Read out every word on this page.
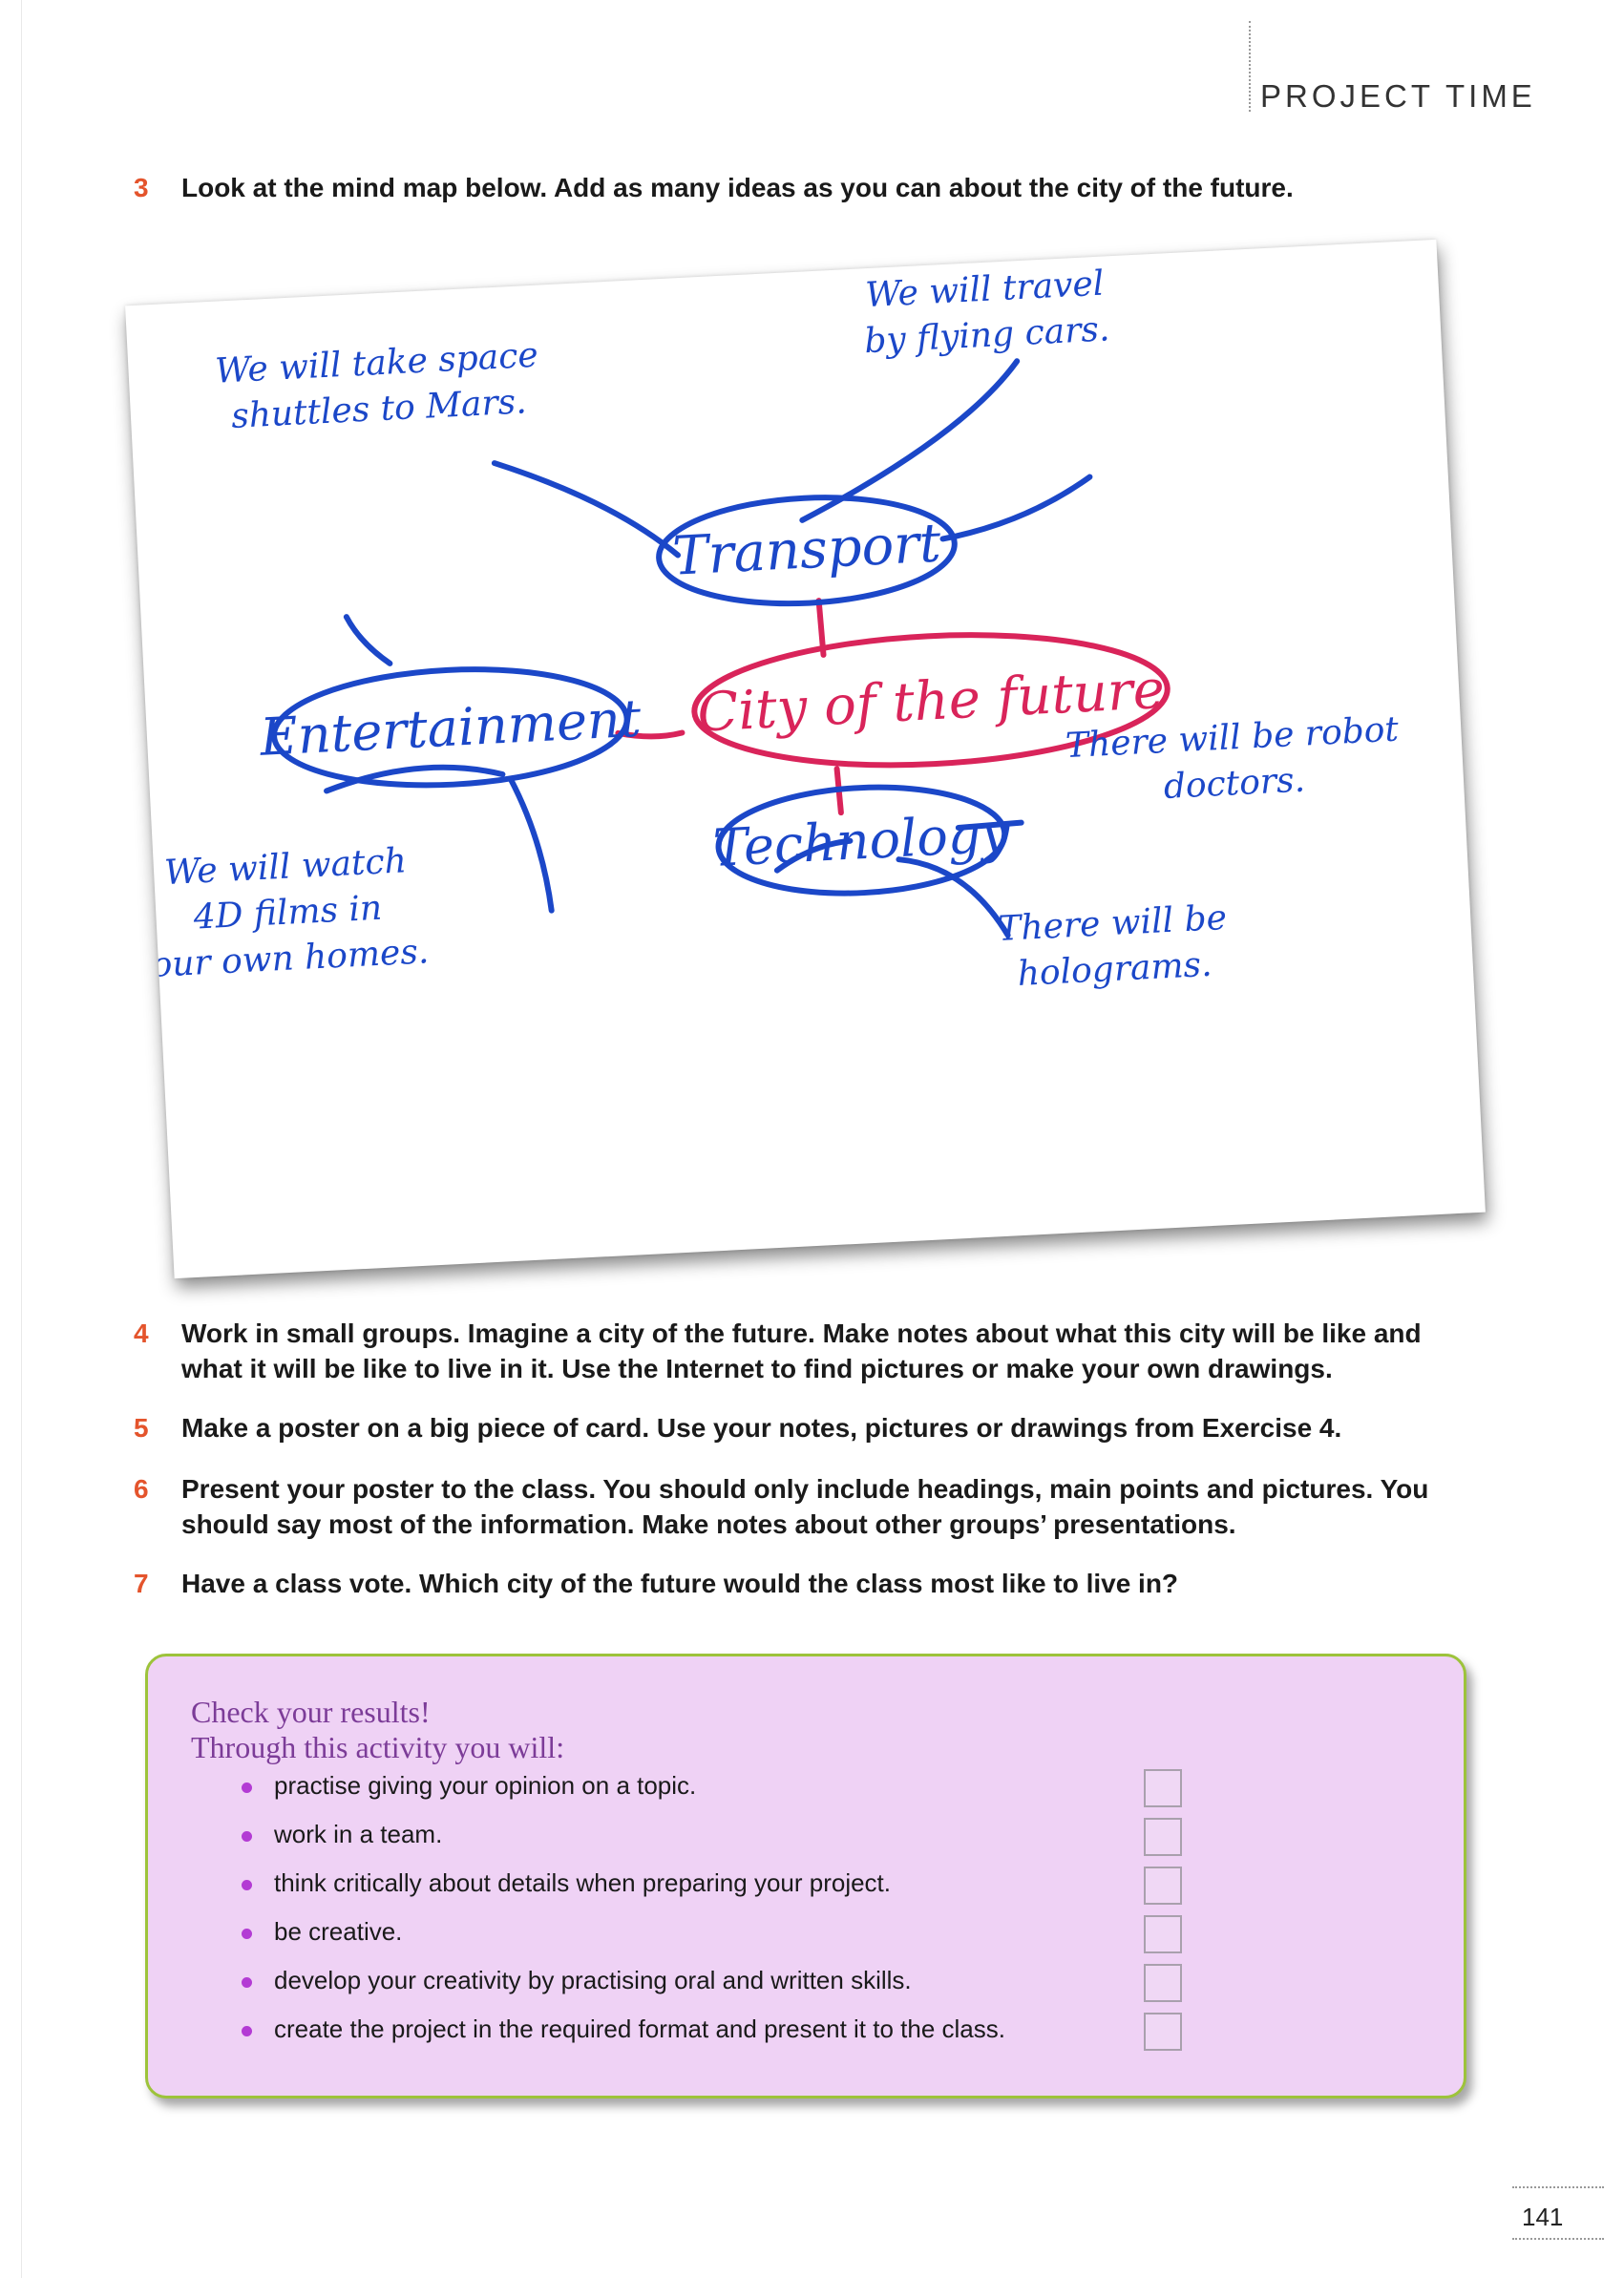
PROJECT TIME
3	Look at the mind map below. Add as many ideas as you can about the city of the future.
Transport
Entertainment City of the future
Technology
We will take space
shuttles to Mars.
We will travel
by flying cars.
We will watch
4D films in
our own homes.
There will be robot
doctors.
There will be
holograms.
4	Work in small groups. Imagine a city of the future. Make notes about what this city will be like and what it will be like to live in it. Use the Internet to find pictures or make your own drawings.
5	Make a poster on a big piece of card. Use your notes, pictures or drawings from Exercise 4.
6	Present your poster to the class. You should only include headings, main points and pictures. You should say most of the information. Make notes about other groups’ presentations.
7	Have a class vote. Which city of the future would the class most like to live in?
Check your results!
Through this activity you will:
practise giving your opinion on a topic.
work in a team.
think critically about details when preparing your project.
be creative.
develop your creativity by practising oral and written skills.
create the project in the required format and present it to the class.
141
